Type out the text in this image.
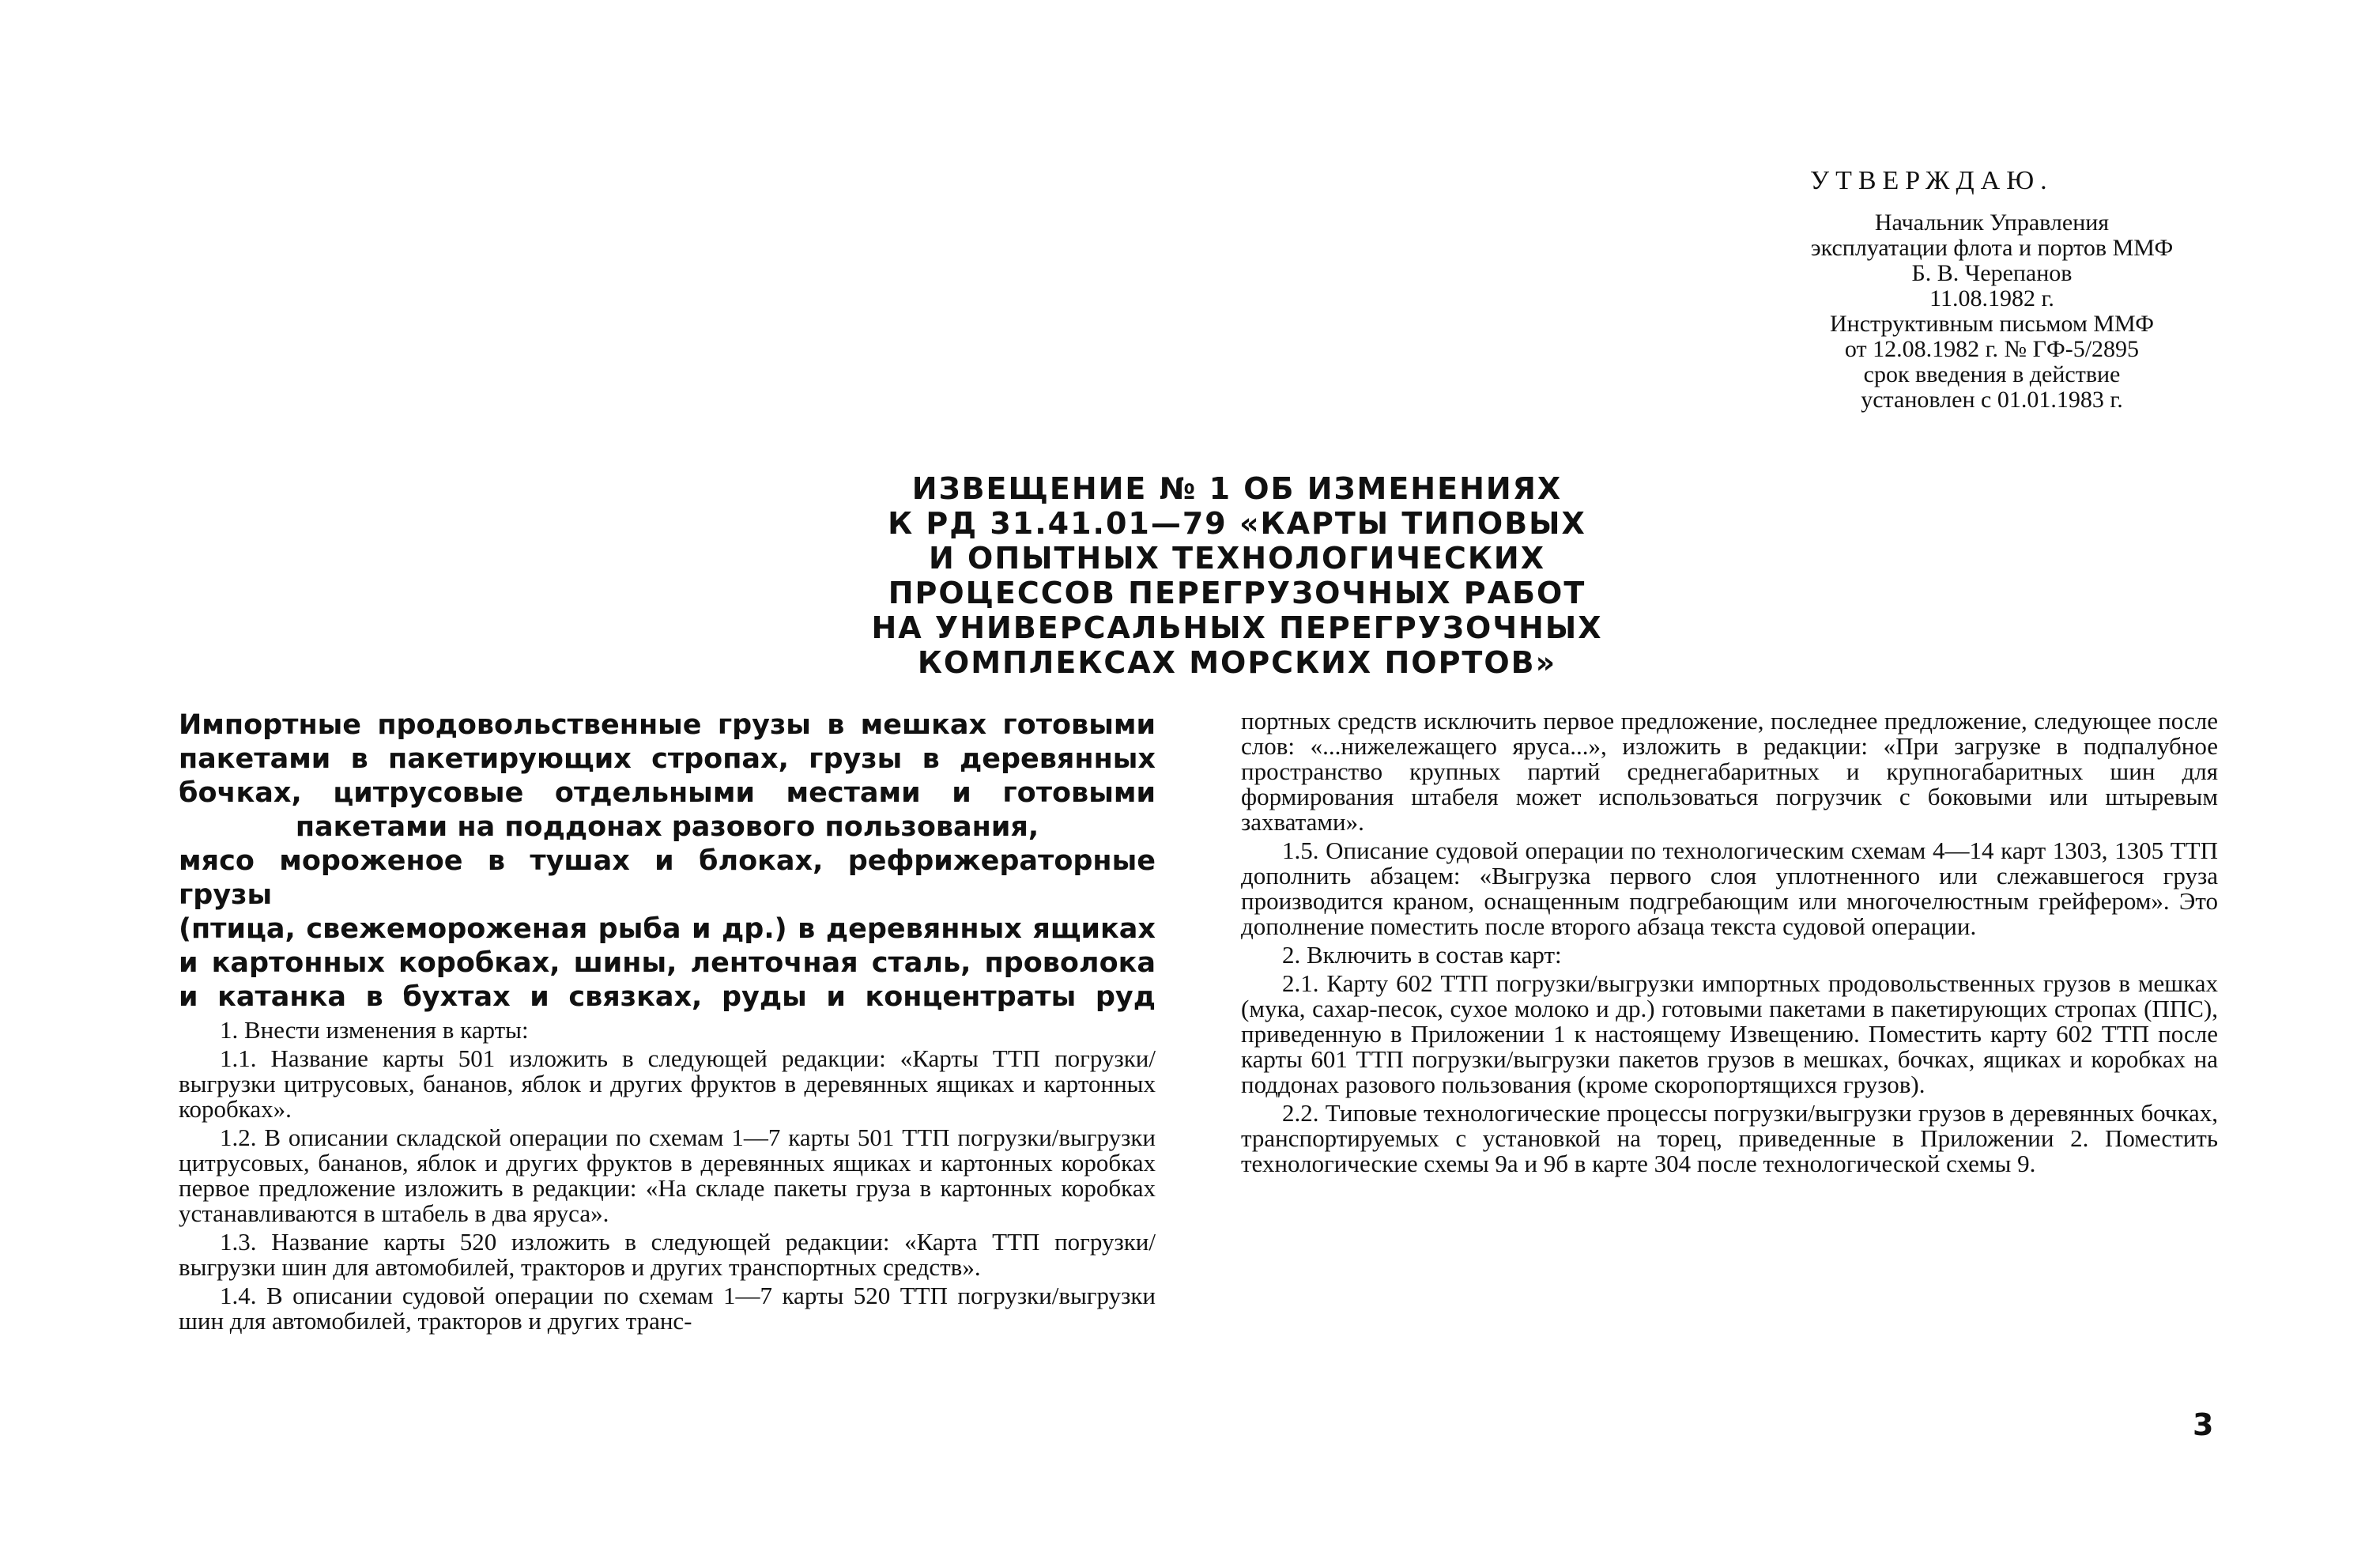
УТВЕРЖДАЮ.
Начальник Управления
эксплуатации флота и портов ММФ
Б. В. Черепанов
11.08.1982 г.
Инструктивным письмом ММФ
от 12.08.1982 г. № ГФ-5/2895
срок введения в действие
установлен с 01.01.1983 г.
ИЗВЕЩЕНИЕ № 1 ОБ ИЗМЕНЕНИЯХ
К РД 31.41.01—79 «КАРТЫ ТИПОВЫХ
И ОПЫТНЫХ ТЕХНОЛОГИЧЕСКИХ
ПРОЦЕССОВ ПЕРЕГРУЗОЧНЫХ РАБОТ
НА УНИВЕРСАЛЬНЫХ ПЕРЕГРУЗОЧНЫХ
КОМПЛЕКСАХ МОРСКИХ ПОРТОВ»
Импортные продовольственные грузы в мешках готовыми
пакетами в пакетирующих стропах, грузы в деревянных
бочках, цитрусовые отдельными местами и готовыми
пакетами на поддонах разового пользования,
мясо мороженое в тушах и блоках, рефрижераторные грузы
(птица, свежемороженая рыба и др.) в деревянных ящиках
и картонных коробках, шины, ленточная сталь, проволока
и катанка в бухтах и связках, руды и концентраты руд

1. Внести изменения в карты:

1.1. Название карты 501 изложить в следующей редакции: «Карты ТТП погрузки/выгрузки цитрусовых, бананов, яблок и других фруктов в деревянных ящиках и картонных коробках».

1.2. В описании складской операции по схемам 1—7 карты 501 ТТП погрузки/выгрузки цитрусовых, бананов, яблок и других фруктов в деревянных ящиках и картонных коробках первое предложение изложить в редакции: «На складе пакеты груза в картонных коробках устанавливаются в штабель в два яруса».

1.3. Название карты 520 изложить в следующей редакции: «Карта ТТП погрузки/выгрузки шин для автомобилей, тракторов и других транспортных средств».

1.4. В описании судовой операции по схемам 1—7 карты 520 ТТП погрузки/выгрузки шин для автомобилей, тракторов и других транс-

портных средств исключить первое предложение, последнее предложение, следующее после слов: «...нижележащего яруса...», изложить в редакции: «При загрузке в подпалубное пространство крупных партий среднегабаритных и крупногабаритных шин для формирования штабеля может использоваться погрузчик с боковыми или штыревым захватами».

1.5. Описание судовой операции по технологическим схемам 4—14 карт 1303, 1305 ТТП дополнить абзацем: «Выгрузка первого слоя уплотненного или слежавшегося груза производится краном, оснащенным подгребающим или многочелюстным грейфером». Это дополнение поместить после второго абзаца текста судовой операции.

2. Включить в состав карт:

2.1. Карту 602 ТТП погрузки/выгрузки импортных продовольственных грузов в мешках (мука, сахар-песок, сухое молоко и др.) готовыми пакетами в пакетирующих стропах (ППС), приведенную в Приложении 1 к настоящему Извещению. Поместить карту 602 ТТП после карты 601 ТТП погрузки/выгрузки пакетов грузов в мешках, бочках, ящиках и коробках на поддонах разового пользования (кроме скоропортящихся грузов).

2.2. Типовые технологические процессы погрузки/выгрузки грузов в деревянных бочках, транспортируемых с установкой на торец, приведенные в Приложении 2. Поместить технологические схемы 9а и 9б в карте 304 после технологической схемы 9.

3
